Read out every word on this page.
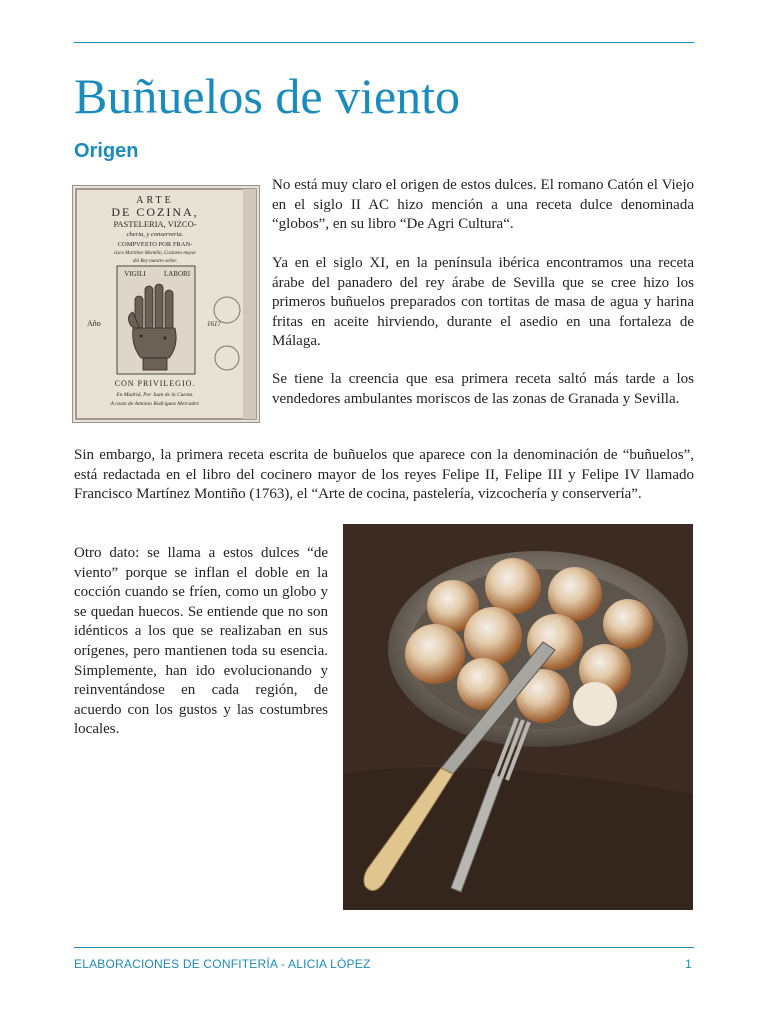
Buñuelos de viento
Origen
ARTE
DE COZINA,
PASTELERIA, VIZCO-
cheria, y conserveria.
COMPVESTO POR FRAN-
cisco Martinez Montiño, Cozinero mayor
del Rey nuestro señor.
VIGILI	LABORI
Año	1617
CON PRIVILEGIO.
En Madrid, Por Juan de la Cuesta.
A costa de Antonio Rodriguez Mercader.

No está muy claro el origen de estos dulces. El romano Catón el Viejo en el siglo II AC hizo mención a una receta dulce denominada “globos”, en su libro “De Agri Cultura“.

Ya en el siglo XI, en la península ibérica encontramos una receta árabe del panadero del rey árabe de Sevilla que se cree hizo los primeros buñuelos preparados con tortitas de masa de agua y harina fritas en aceite hirviendo, durante el asedio en una fortaleza de Málaga.

Se tiene la creencia que esa primera receta saltó más tarde a los vendedores ambulantes moriscos de las zonas de Granada y Sevilla.

Sin embargo, la primera receta escrita de buñuelos que aparece con la denominación de “buñuelos”, está redactada en el libro del cocinero mayor de los reyes Felipe II, Felipe III y Felipe IV llamado Francisco Martínez Montiño (1763), el “Arte de cocina, pastelería, vizcochería y conservería”.

Otro dato: se llama a estos dulces “de viento” porque se inflan el doble en la cocción cuando se fríen, como un globo y se quedan huecos. Se entiende que no son idénticos a los que se realizaban en sus orígenes, pero mantienen toda su esencia. Simplemente, han ido evolucionando y reinventándose en cada región, de acuerdo con los gustos y las costumbres locales.

ELABORACIONES DE CONFITERÍA - ALICIA LÓPEZ	1
